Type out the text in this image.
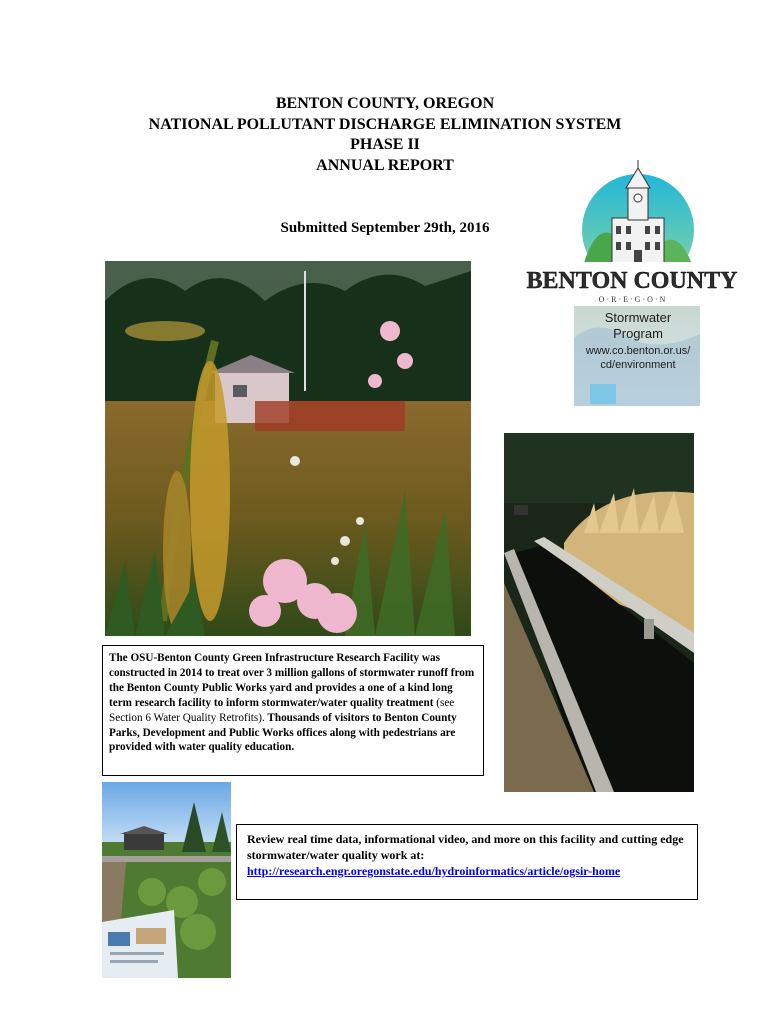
BENTON COUNTY, OREGON
NATIONAL POLLUTANT DISCHARGE ELIMINATION SYSTEM
PHASE II
ANNUAL REPORT
Submitted September 29th, 2016
BENTON COUNTY
O · R · E · G · O · N
Stormwater
Program
www.co.benton.or.us/
cd/environment
The OSU-Benton County Green Infrastructure Research Facility was constructed in 2014 to treat over 3 million gallons of stormwater runoff from the Benton County Public Works yard and provides a one of a kind long term research facility to inform stormwater/water quality treatment (see Section 6 Water Quality Retrofits). Thousands of visitors to Benton County Parks, Development and Public Works offices along with pedestrians are provided with water quality education.
Review real time data, informational video, and more on this facility and cutting edge stormwater/water quality work at:
http://research.engr.oregonstate.edu/hydroinformatics/article/ogsir-home
